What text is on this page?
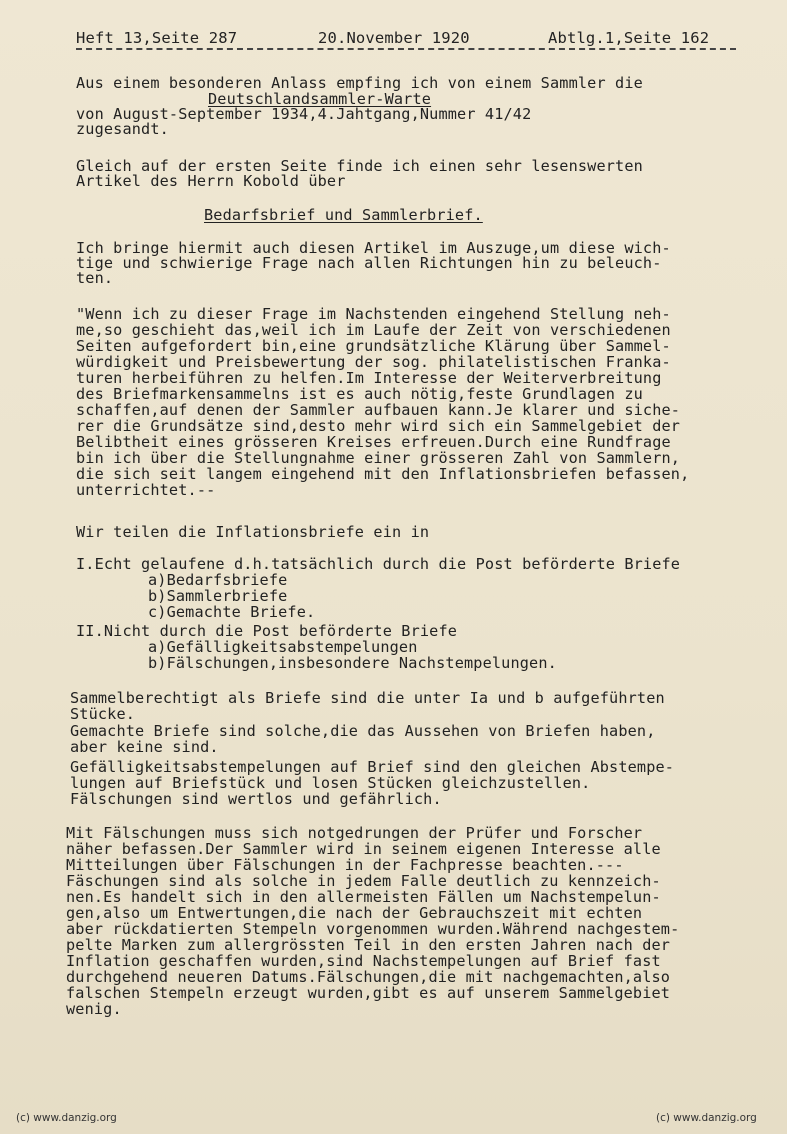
Heft 13,Seite 287	20.November 1920	Abtlg.1,Seite 162
Aus einem besonderen Anlass empfing ich von einem Sammler die
Deutschlandsammler-Warte
von August-September 1934,4.Jahtgang,Nummer 41/42
zugesandt.
Gleich auf der ersten Seite finde ich einen sehr lesenswerten
Artikel des Herrn Kobold über
Bedarfsbrief und Sammlerbrief.
Ich bringe hiermit auch diesen Artikel im Auszuge,um diese wich-
tige und schwierige Frage nach allen Richtungen hin zu beleuch-
ten.
"Wenn ich zu dieser Frage im Nachstenden eingehend Stellung neh-
me,so geschieht das,weil ich im Laufe der Zeit von verschiedenen
Seiten aufgefordert bin,eine grundsätzliche Klärung über Sammel-
würdigkeit und Preisbewertung der sog. philatelistischen Franka-
turen herbeiführen zu helfen.Im Interesse der Weiterverbreitung
des Briefmarkensammelns ist es auch nötig,feste Grundlagen zu
schaffen,auf denen der Sammler aufbauen kann.Je klarer und siche-
rer die Grundsätze sind,desto mehr wird sich ein Sammelgebiet der
Belibtheit eines grösseren Kreises erfreuen.Durch eine Rundfrage
bin ich über die Stellungnahme einer grösseren Zahl von Sammlern,
die sich seit langem eingehend mit den Inflationsbriefen befassen,
unterrichtet.--
Wir teilen die Inflationsbriefe ein in
I.Echt gelaufene d.h.tatsächlich durch die Post beförderte Briefe
a)Bedarfsbriefe
b)Sammlerbriefe
c)Gemachte Briefe.
II.Nicht durch die Post beförderte Briefe
a)Gefälligkeitsabstempelungen
b)Fälschungen,insbesondere Nachstempelungen.
Sammelberechtigt als Briefe sind die unter Ia und b aufgeführten
Stücke.
Gemachte Briefe sind solche,die das Aussehen von Briefen haben,
aber keine sind.
Gefälligkeitsabstempelungen auf Brief sind den gleichen Abstempe-
lungen auf Briefstück und losen Stücken gleichzustellen.
Fälschungen sind wertlos und gefährlich.
Mit Fälschungen muss sich notgedrungen der Prüfer und Forscher
näher befassen.Der Sammler wird in seinem eigenen Interesse alle
Mitteilungen über Fälschungen in der Fachpresse beachten.---
Fäschungen sind als solche in jedem Falle deutlich zu kennzeich-
nen.Es handelt sich in den allermeisten Fällen um Nachstempelun-
gen,also um Entwertungen,die nach der Gebrauchszeit mit echten
aber rückdatierten Stempeln vorgenommen wurden.Während nachgestem-
pelte Marken zum allergrössten Teil in den ersten Jahren nach der
Inflation geschaffen wurden,sind Nachstempelungen auf Brief fast
durchgehend neueren Datums.Fälschungen,die mit nachgemachten,also
falschen Stempeln erzeugt wurden,gibt es auf unserem Sammelgebiet
wenig.
(c) www.danzig.org	(c) www.danzig.org
